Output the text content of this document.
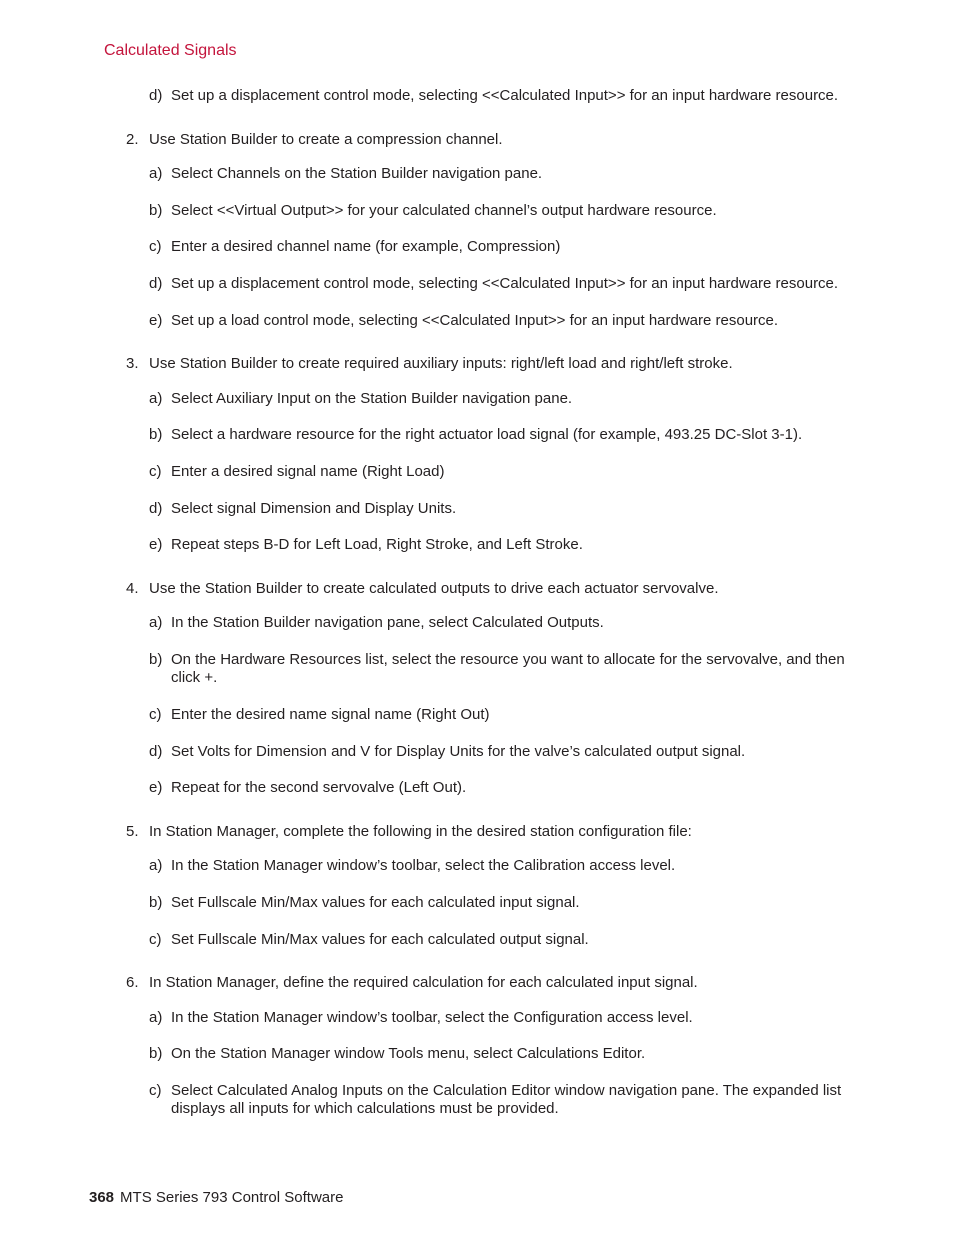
Calculated Signals
d) Set up a displacement control mode, selecting <<Calculated Input>> for an input hardware resource.
2. Use Station Builder to create a compression channel.
a) Select Channels on the Station Builder navigation pane.
b) Select <<Virtual Output>> for your calculated channel’s output hardware resource.
c) Enter a desired channel name (for example, Compression)
d) Set up a displacement control mode, selecting <<Calculated Input>> for an input hardware resource.
e) Set up a load control mode, selecting <<Calculated Input>> for an input hardware resource.
3. Use Station Builder to create required auxiliary inputs: right/left load and right/left stroke.
a) Select Auxiliary Input on the Station Builder navigation pane.
b) Select a hardware resource for the right actuator load signal (for example, 493.25 DC-Slot 3-1).
c) Enter a desired signal name (Right Load)
d) Select signal Dimension and Display Units.
e) Repeat steps B-D for Left Load, Right Stroke, and Left Stroke.
4. Use the Station Builder to create calculated outputs to drive each actuator servovalve.
a) In the Station Builder navigation pane, select Calculated Outputs.
b) On the Hardware Resources list, select the resource you want to allocate for the servovalve, and then click +.
c) Enter the desired name signal name (Right Out)
d) Set Volts for Dimension and V for Display Units for the valve’s calculated output signal.
e) Repeat for the second servovalve (Left Out).
5. In Station Manager, complete the following in the desired station configuration file:
a) In the Station Manager window’s toolbar, select the Calibration access level.
b) Set Fullscale Min/Max values for each calculated input signal.
c) Set Fullscale Min/Max values for each calculated output signal.
6. In Station Manager, define the required calculation for each calculated input signal.
a) In the Station Manager window’s toolbar, select the Configuration access level.
b) On the Station Manager window Tools menu, select Calculations Editor.
c) Select Calculated Analog Inputs on the Calculation Editor window navigation pane. The expanded list displays all inputs for which calculations must be provided.
368 MTS Series 793 Control Software
